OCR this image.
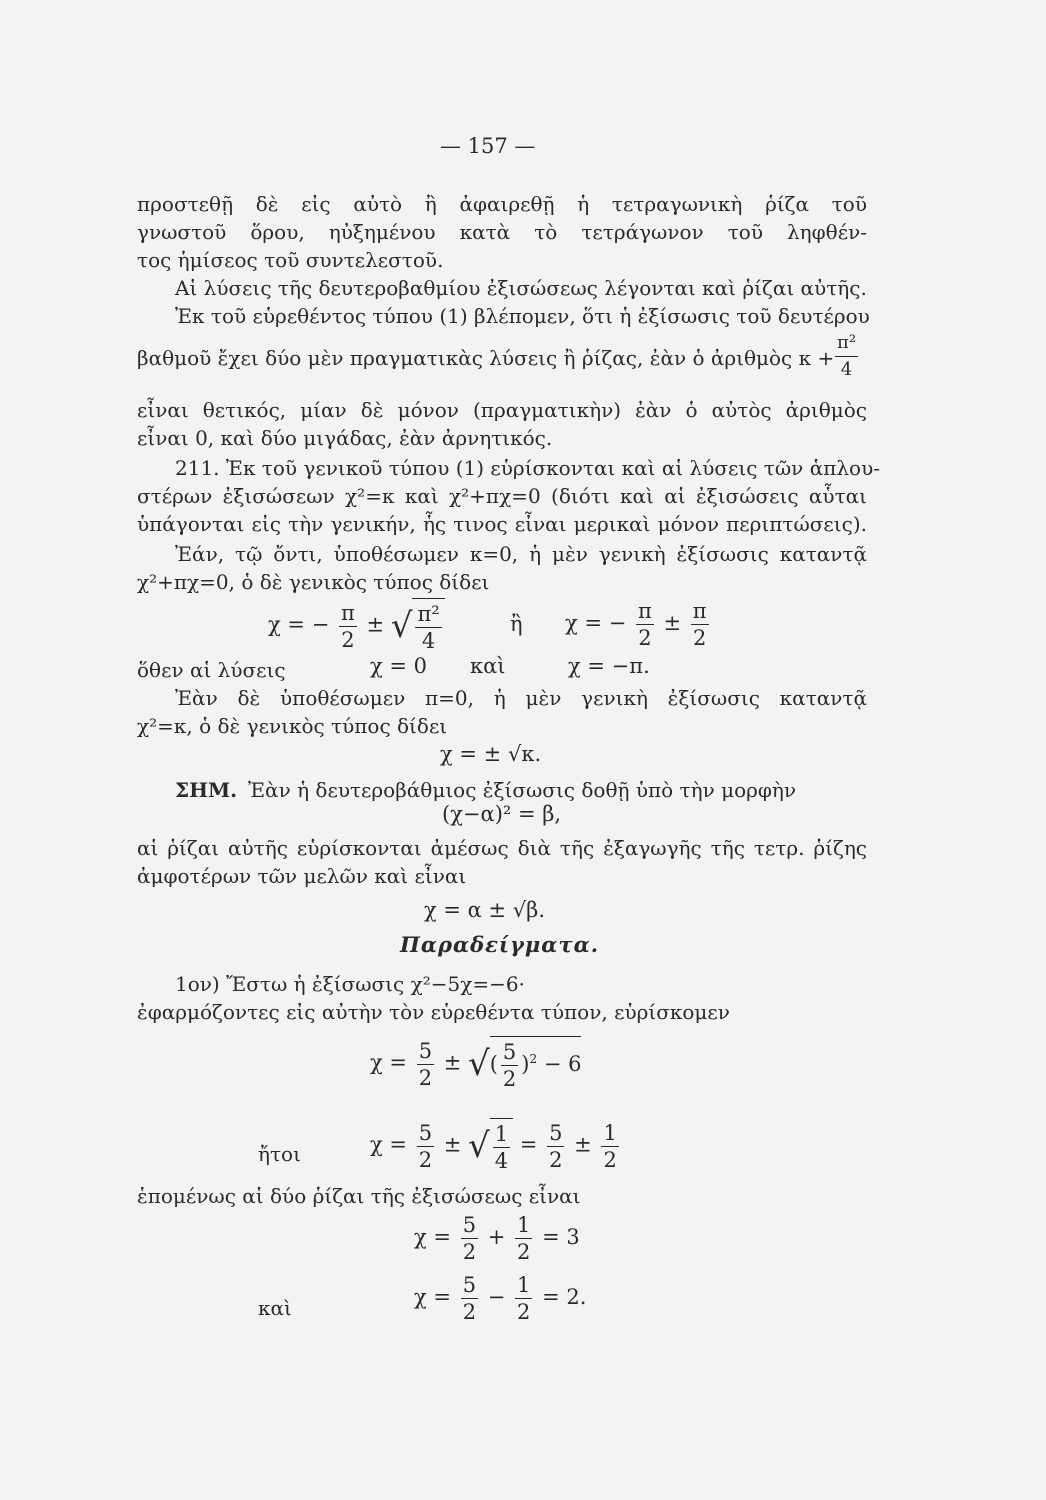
— 157 —
προστεθῇ δὲ εἰς αὐτὸ ἢ ἀφαιρεθῇ ἡ τετραγωνικὴ ῥίζα τοῦ
γνωστοῦ ὅρου, ηὐξημένου κατὰ τὸ τετράγωνον τοῦ ληφθέν-
τος ἡμίσεος τοῦ συντελεστοῦ.
Αἱ λύσεις τῆς δευτεροβαθμίου ἐξισώσεως λέγονται καὶ ῥίζαι αὐτῆς.
Ἐκ τοῦ εὑρεθέντος τύπου (1) βλέπομεν, ὅτι ἡ ἐξίσωσις τοῦ δευτέρου
βαθμοῦ ἔχει δύο μὲν πραγματικὰς λύσεις ἢ ῥίζας, ἐὰν ὁ ἀριθμὸς $\kappa + \frac{\text{π²}}{4}$
εἶναι θετικός, μίαν δὲ μόνον (πραγματικὴν) ἐὰν ὁ αὐτὸς ἀριθμὸς
εἶναι 0, καὶ δύο μιγάδας, ἐὰν ἀρνητικός.
211. Ἐκ τοῦ γενικοῦ τύπου (1) εὑρίσκονται καὶ αἱ λύσεις τῶν ἁπλου-
στέρων ἐξισώσεων χ²=κ καὶ χ²+πχ=0 (διότι καὶ αἱ ἐξισώσεις αὗται
ὑπάγονται εἰς τὴν γενικήν, ἧς τινος εἶναι μερικαὶ μόνον περιπτώσεις).
Ἐάν, τῷ ὄντι, ὑποθέσωμεν κ=0, ἡ μὲν γενικὴ ἐξίσωσις καταντᾷ
χ²+πχ=0, ὁ δὲ γενικὸς τύπος δίδει
χ = − $\frac{\pi}{2}$ ± √ $\frac{\text{π²}}{4}$	ἢ χ = − $\frac{\pi}{2} \pm \frac{\pi}{2}$
ὅθεν αἱ λύσεις	χ = 0 καὶ	χ = −π.
Ἐὰν δὲ ὑποθέσωμεν π=0, ἡ μὲν γενικὴ ἐξίσωσις καταντᾷ
χ²=κ, ὁ δὲ γενικὸς τύπος δίδει
χ = ± √κ.
ΣΗΜ. Ἐὰν ἡ δευτεροβάθμιος ἐξίσωσις δοθῇ ὑπὸ τὴν μορφὴν
(χ−α)² = β,
αἱ ῥίζαι αὐτῆς εὑρίσκονται ἀμέσως διὰ τῆς ἐξαγωγῆς τῆς τετρ. ῥίζης
ἀμφοτέρων τῶν μελῶν καὶ εἶναι
χ = α ± √β.
Παραδείγματα.
1ον) Ἔστω ἡ ἐξίσωσις χ²−5χ=−6·
ἐφαρμόζοντες εἰς αὐτὴν τὸν εὑρεθέντα τύπον, εὑρίσκομεν
$\chi = \frac{5}{2}$ ± √( $\frac{5}{2} )^2 - 6$
ἤτοι	$\chi = \frac{5}{2}$ ± √ $\frac{1}{4} = \frac{5}{2} \pm \frac{1}{2}$
ἑπομένως αἱ δύο ῥίζαι τῆς ἐξισώσεως εἶναι
$\chi = \frac{5}{2} + \frac{1}{2} = 3$
καὶ	$\chi = \frac{5}{2} - \frac{1}{2} = 2$.
